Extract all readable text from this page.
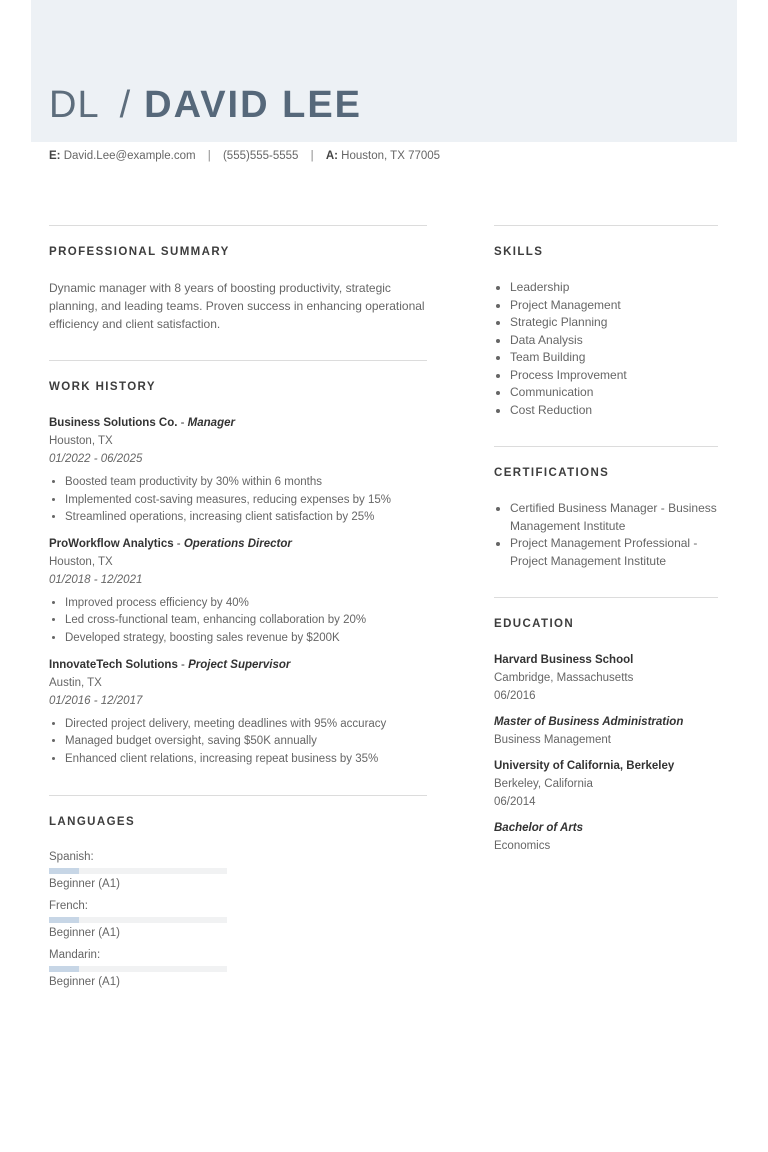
DL / DAVID LEE
E: David.Lee@example.com | (555)555-5555 | A: Houston, TX 77005
PROFESSIONAL SUMMARY

Dynamic manager with 8 years of boosting productivity, strategic planning, and leading teams. Proven success in enhancing operational efficiency and client satisfaction.

WORK HISTORY
Business Solutions Co. - Manager
Houston, TX
01/2022 - 06/2025
• Boosted team productivity by 30% within 6 months
• Implemented cost-saving measures, reducing expenses by 15%
• Streamlined operations, increasing client satisfaction by 25%
ProWorkflow Analytics - Operations Director
Houston, TX
01/2018 - 12/2021
• Improved process efficiency by 40%
• Led cross-functional team, enhancing collaboration by 20%
• Developed strategy, boosting sales revenue by $200K
InnovateTech Solutions - Project Supervisor
Austin, TX
01/2016 - 12/2017
• Directed project delivery, meeting deadlines with 95% accuracy
• Managed budget oversight, saving $50K annually
• Enhanced client relations, increasing repeat business by 35%
LANGUAGES
Spanish:
Beginner (A1)
French:
Beginner (A1)
Mandarin:
Beginner (A1)
SKILLS
• Leadership
• Project Management
• Strategic Planning
• Data Analysis
• Team Building
• Process Improvement
• Communication
• Cost Reduction
CERTIFICATIONS
• Certified Business Manager - Business Management Institute
• Project Management Professional - Project Management Institute
EDUCATION
Harvard Business School
Cambridge, Massachusetts
06/2016
Master of Business Administration
Business Management
University of California, Berkeley
Berkeley, California
06/2014
Bachelor of Arts
Economics
